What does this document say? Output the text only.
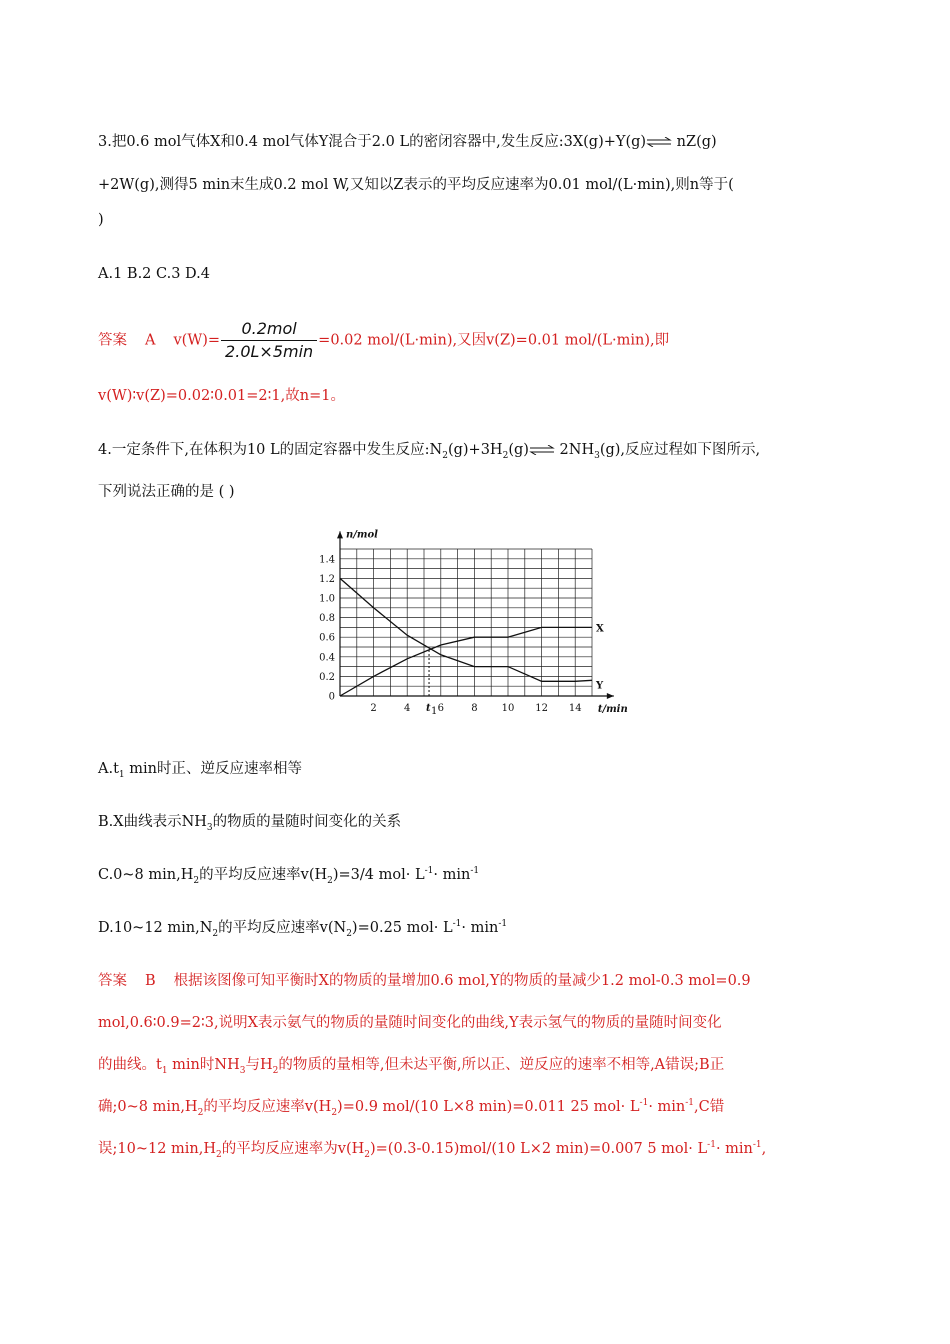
3.把0.6 mol气体X和0.4 mol气体Y混合于2.0 L的密闭容器中,发生反应:3X(g)+Y(g)⇌ nZ(g)
+2W(g),测得5 min末生成0.2 mol W,又知以Z表示的平均反应速率为0.01 mol/(L·min),则n等于(
)
A.1 B.2 C.3 D.4
答案 A $v(W)= \frac{\text{0.2mol}}{2.0L\times 5\min} =0.02$ mol/(L·min),又因v(Z)=0.01 mol/(L·min),即
v(W)∶v(Z)=0.02∶0.01=2∶1,故n=1。
4.一定条件下,在体积为10 L的固定容器中发生反应$:N_2(g)+3H_2(g)\rightleftharpoons$ $2NH_3(g)$,反应过程如下图所示,
下列说法正确的是 ( )
n/mol
t/min
0
0.2
0.4
0.6
0.8
1.0
1.2
1.4
2	4	6	8 10 12 14
t 1
X
Y
$A.t_1$ min时正、逆反应速率相等
B.X曲线表示$NH_3$的物质的量随时间变化的关系
C.0~8 $\min,H_2$的平均反应速率$v(H_2)=3/4$ $mol\cdot L^{-1}\cdot \min^{-1}$
D.10~12 $\min,N_2$的平均反应速率$v(N_2)=0.25$ $mol\cdot L^{-1}\cdot \min^{-1}$
答案 B 根据该图像可知平衡时X的物质的量增加0.6 mol,Y的物质的量减少1.2 mol-0.3 mol=0.9
mol,0.6∶0.9=2∶3,说明X表示氨气的物质的量随时间变化的曲线,Y表示氢气的物质的量随时间变化
的曲线。$t_1$ min时$NH_3$与$H_2$的物质的量相等,但未达平衡,所以正、逆反应的速率不相等,A错误;B正
确;0~8 $\min,H_2$的平均反应速率$v(H_2)=0.9$ mol/(10 L×8 min)=0.011 25 $mol\cdot L^{-1}\cdot \min^{-1},C$错
误;10~12 $\min,H_2$的平均反应速率为$v(H_2)=(0.3-0.15)mol/(10$ L×2 min)=0.007 5 $mol\cdot L^{-1}\cdot \min^{-1}$,
